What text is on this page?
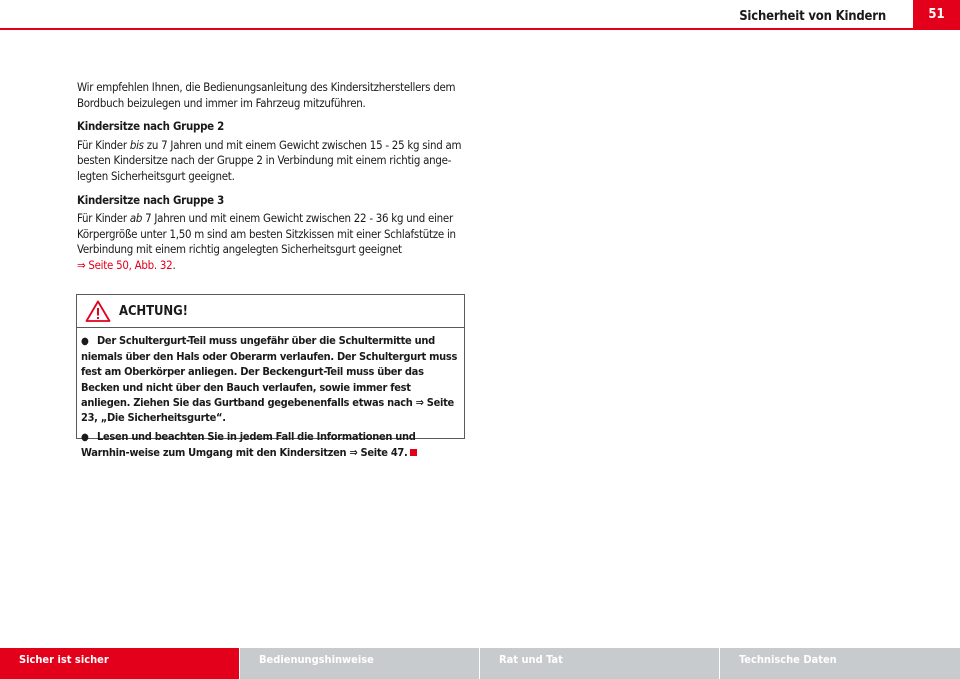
Sicherheit von Kindern	51

Wir empfehlen Ihnen, die Bedienungsanleitung des Kindersitzherstellers dem Bordbuch beizulegen und immer im Fahrzeug mitzuführen.

Kindersitze nach Gruppe 2

Für Kinder bis zu 7 Jahren und mit einem Gewicht zwischen 15 - 25 kg sind am besten Kindersitze nach der Gruppe 2 in Verbindung mit einem richtig ange-legten Sicherheitsgurt geeignet.

Kindersitze nach Gruppe 3

Für Kinder ab 7 Jahren und mit einem Gewicht zwischen 22 - 36 kg und einer Körpergröße unter 1,50 m sind am besten Sitzkissen mit einer Schlafstütze in Verbindung mit einem richtig angelegten Sicherheitsgurt geeignet
⇒ Seite 50, Abb. 32.

ACHTUNG!
● Der Schultergurt-Teil muss ungefähr über die Schultermitte und niemals über den Hals oder Oberarm verlaufen. Der Schultergurt muss fest am Oberkörper anliegen. Der Beckengurt-Teil muss über das Becken und nicht über den Bauch verlaufen, sowie immer fest anliegen. Ziehen Sie das Gurtband gegebenenfalls etwas nach ⇒ Seite 23, „Die Sicherheitsgurte“.
● Lesen und beachten Sie in jedem Fall die Informationen und Warnhin-weise zum Umgang mit den Kindersitzen ⇒ Seite 47.
Sicher ist sicher	Bedienungshinweise	Rat und Tat	Technische Daten
